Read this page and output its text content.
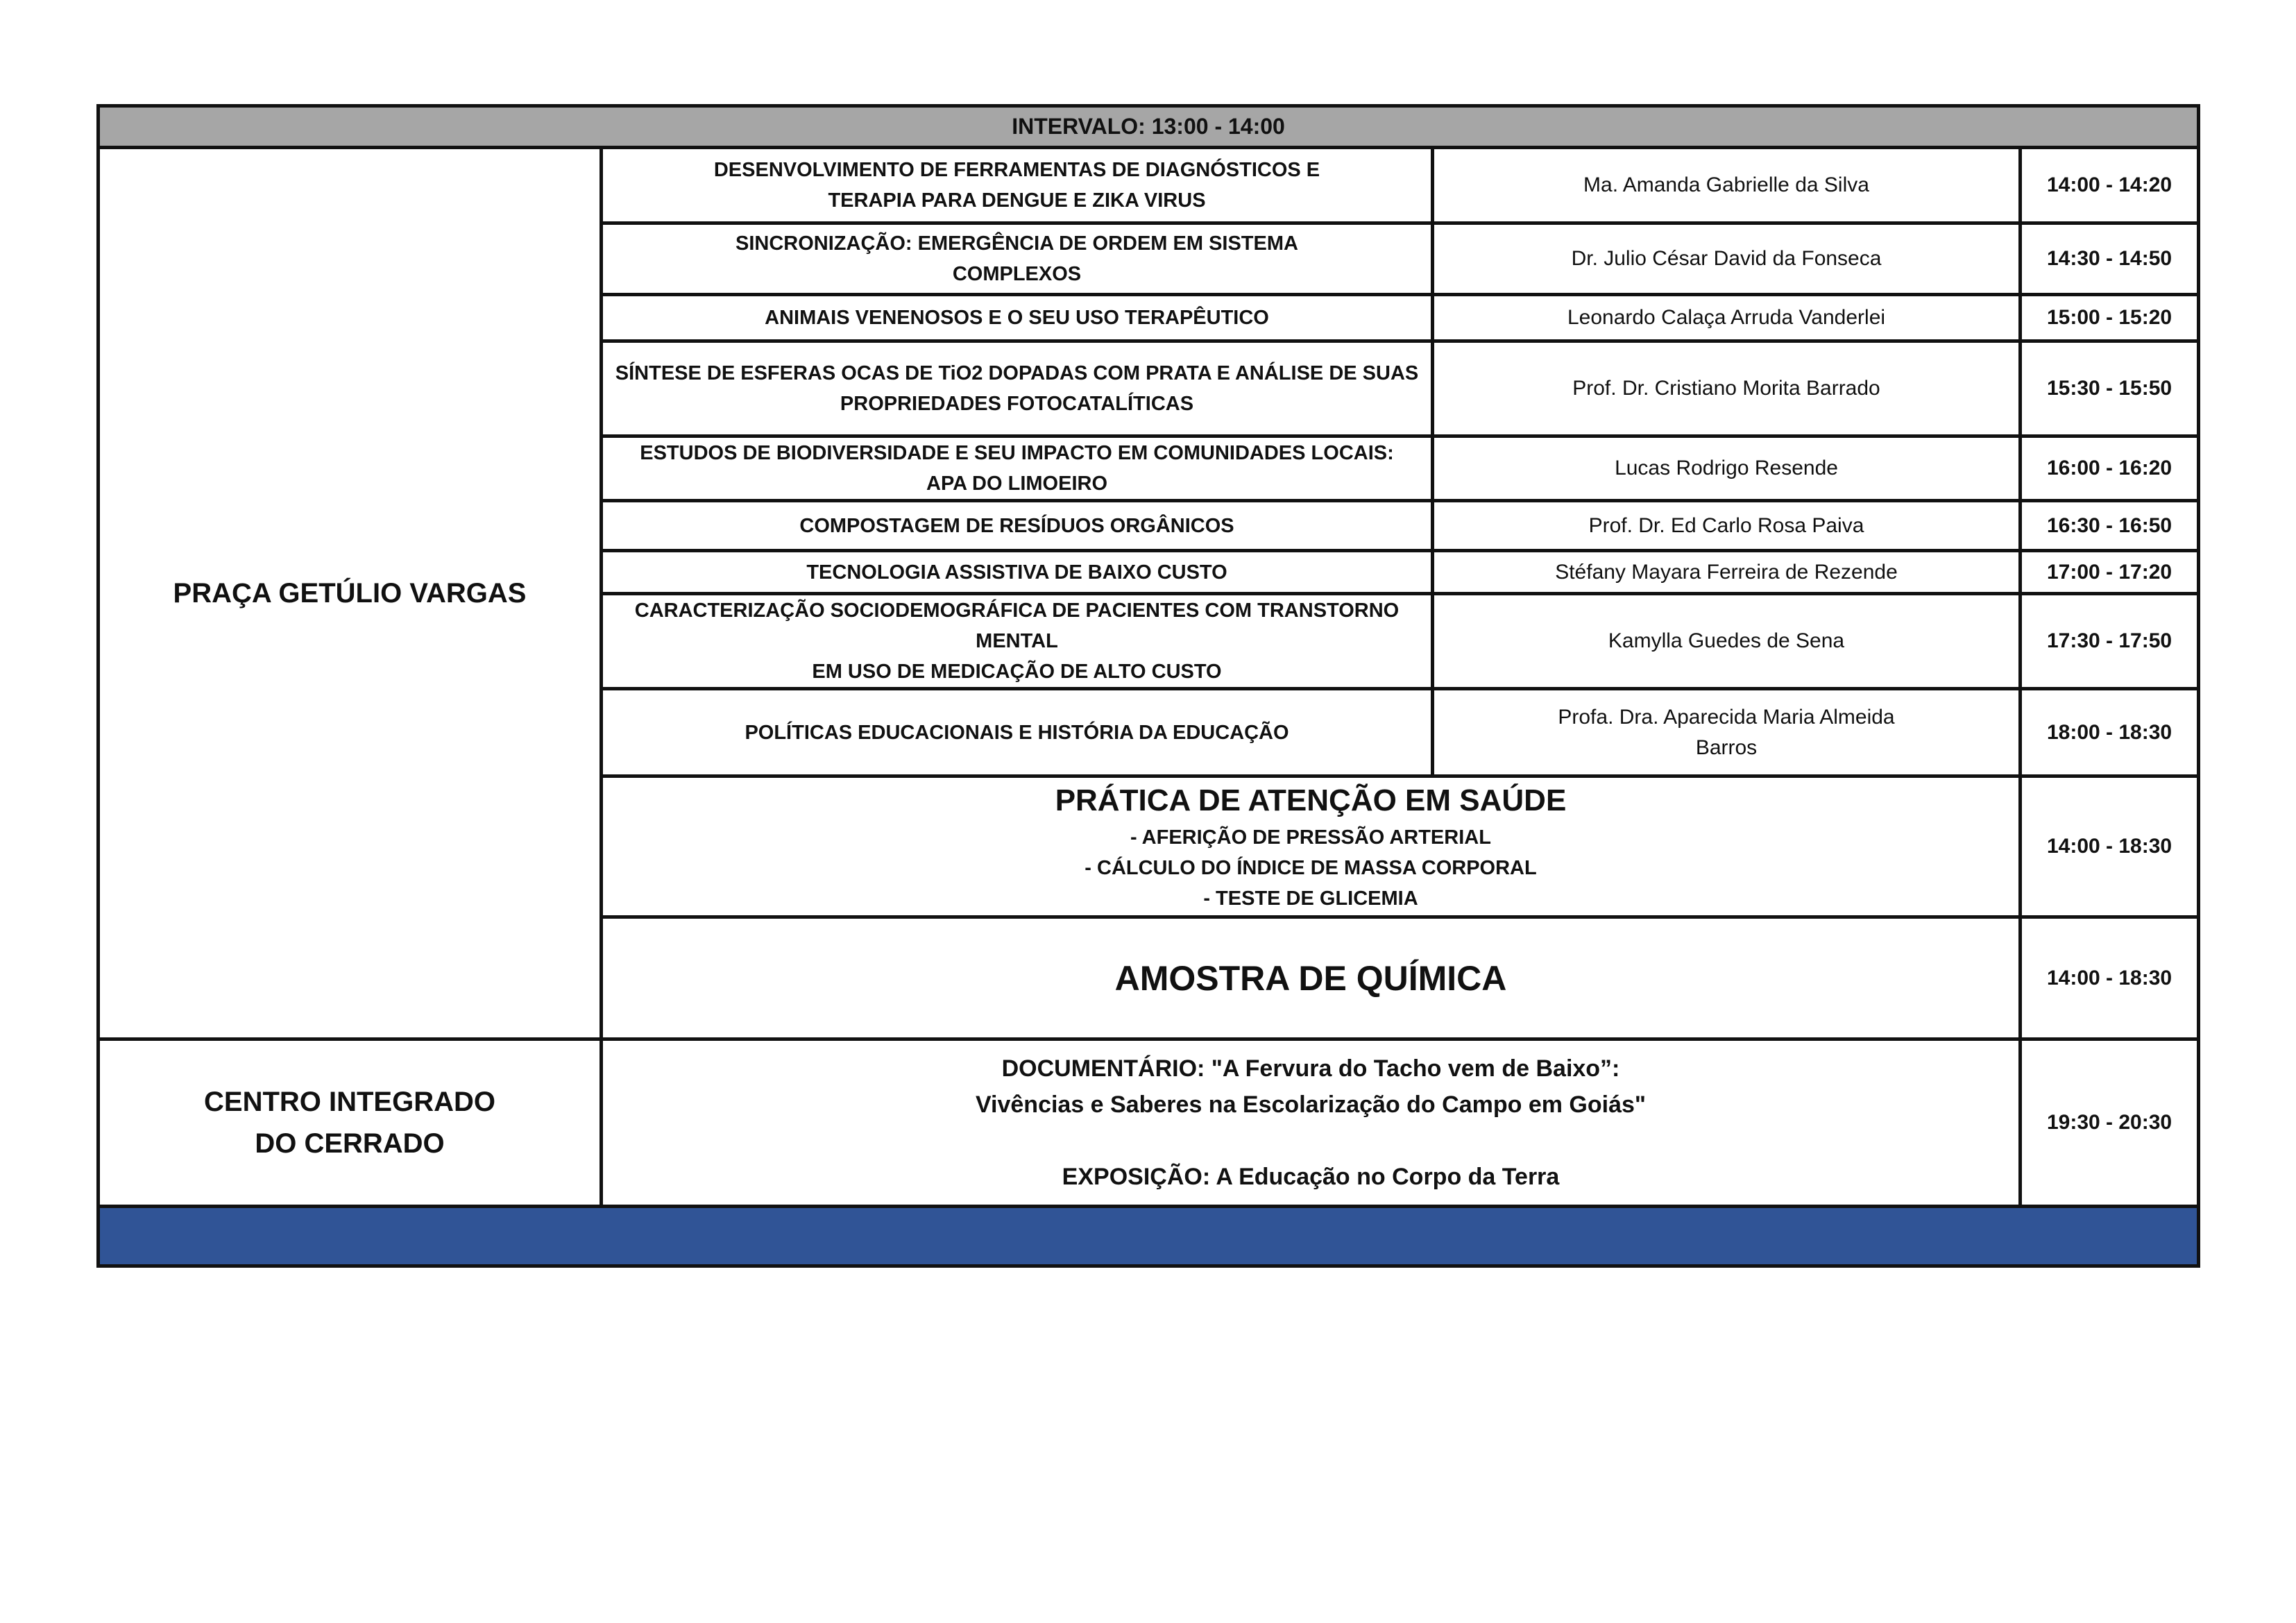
INTERVALO: 13:00 - 14:00			
PRAÇA GETÚLIO VARGAS	DESENVOLVIMENTO DE FERRAMENTAS DE DIAGNÓSTICOS E
TERAPIA PARA DENGUE E ZIKA VIRUS	Ma. Amanda Gabrielle da Silva	14:00 - 14:20

	SINCRONIZAÇÃO: EMERGÊNCIA DE ORDEM EM SISTEMA
COMPLEXOS	Dr. Julio César David da Fonseca	14:30 - 14:50

	ANIMAIS VENENOSOS E O SEU USO TERAPÊUTICO	Leonardo Calaça Arruda Vanderlei	15:00 - 15:20

	SÍNTESE DE ESFERAS OCAS DE TiO2 DOPADAS COM PRATA E ANÁLISE DE SUAS
PROPRIEDADES FOTOCATALÍTICAS	Prof. Dr. Cristiano Morita Barrado	15:30 - 15:50

	ESTUDOS DE BIODIVERSIDADE E SEU IMPACTO EM COMUNIDADES LOCAIS:
APA DO LIMOEIRO	Lucas Rodrigo Resende	16:00 - 16:20

	COMPOSTAGEM DE RESÍDUOS ORGÂNICOS	Prof. Dr. Ed Carlo Rosa Paiva	16:30 - 16:50

	TECNOLOGIA ASSISTIVA DE BAIXO CUSTO	Stéfany Mayara Ferreira de Rezende	17:00 - 17:20

	CARACTERIZAÇÃO SOCIODEMOGRÁFICA DE PACIENTES COM TRANSTORNO MENTAL
EM USO DE MEDICAÇÃO DE ALTO CUSTO	Kamylla Guedes de Sena	17:30 - 17:50

	POLÍTICAS EDUCACIONAIS E HISTÓRIA DA EDUCAÇÃO	Profa. Dra. Aparecida Maria Almeida
Barros	18:00 - 18:30

	PRÁTICA DE ATENÇÃO EM SAÚDE
- AFERIÇÃO DE PRESSÃO ARTERIAL
- CÁLCULO DO ÍNDICE DE MASSA CORPORAL
- TESTE DE GLICEMIA		14:00 - 18:30
	AMOSTRA DE QUÍMICA		14:00 - 18:30

CENTRO INTEGRADO DO CERRADO	DOCUMENTÁRIO: "A Fervura do Tacho vem de Baixo”:
Vivências e Saberes na Escolarização do Campo em Goiás"
EXPOSIÇÃO: A Educação no Corpo da Terra		19:30 - 20:30
